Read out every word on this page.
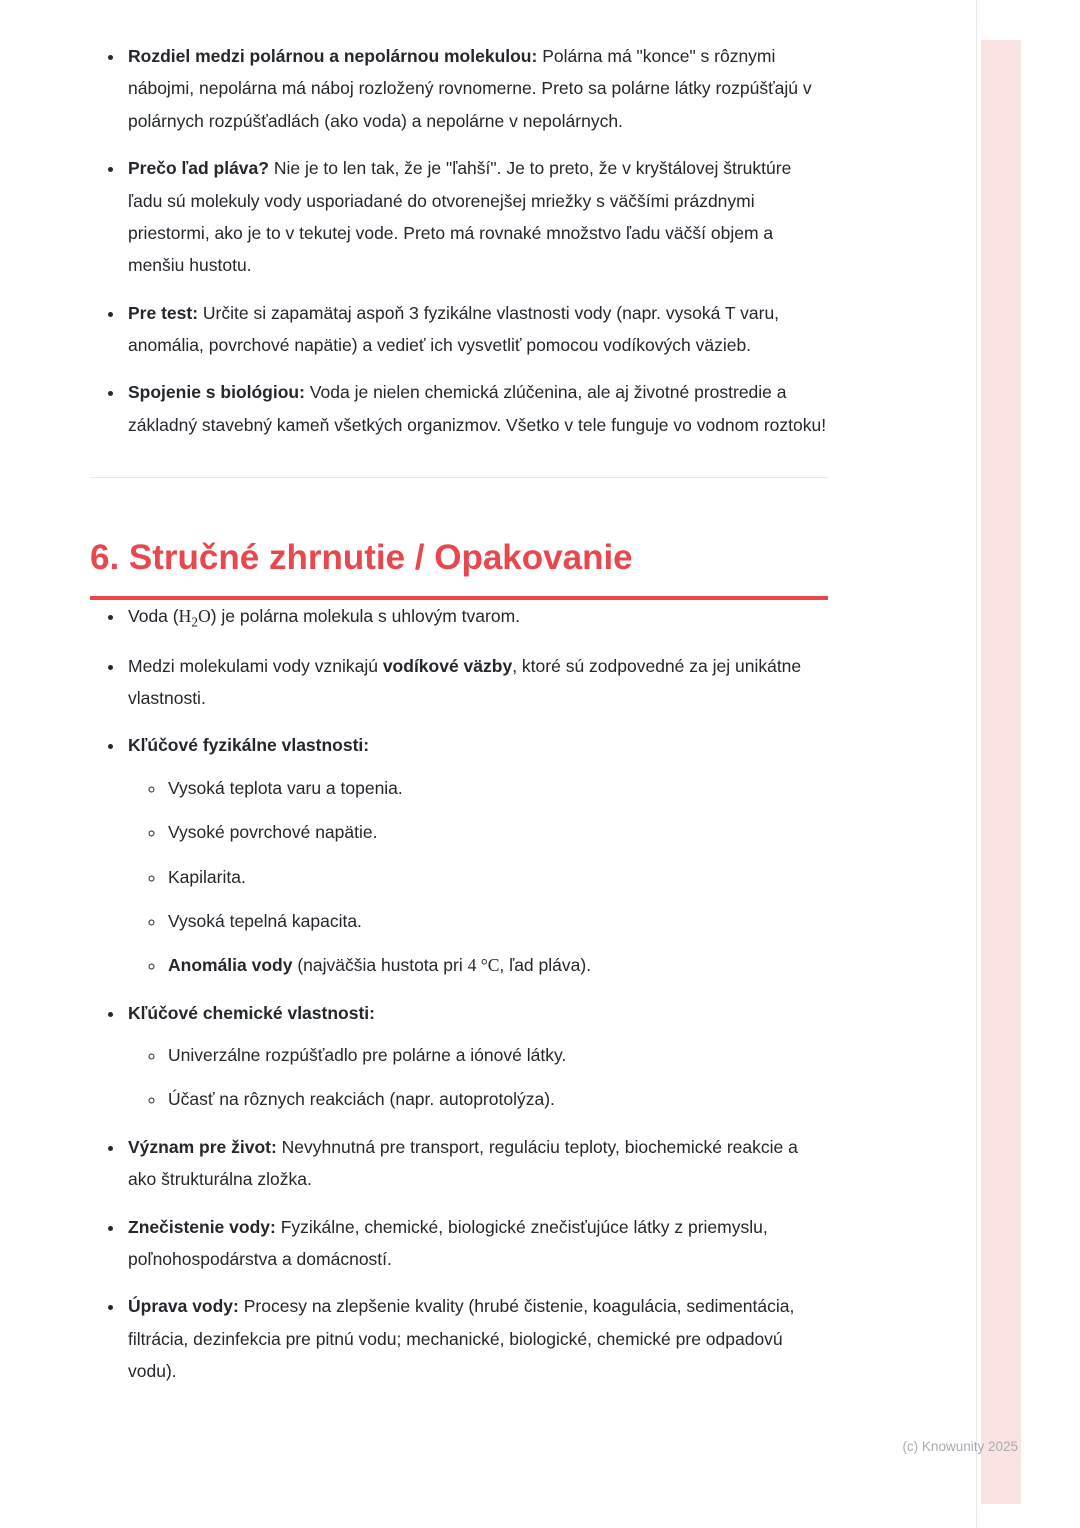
• Rozdiel medzi polárnou a nepolárnou molekulou: Polárna má "konce" s rôznymi nábojmi, nepolárna má náboj rozložený rovnomerne. Preto sa polárne látky rozpúšťajú v polárnych rozpúšťadlách (ako voda) a nepolárne v nepolárnych.
• Prečo ľad pláva? Nie je to len tak, že je "ľahší". Je to preto, že v kryštálovej štruktúre ľadu sú molekuly vody usporiadané do otvorenejšej mriežky s väčšími prázdnymi priestormi, ako je to v tekutej vode. Preto má rovnaké množstvo ľadu väčší objem a menšiu hustotu.
• Pre test: Určite si zapamätaj aspoň 3 fyzikálne vlastnosti vody (napr. vysoká T varu, anomália, povrchové napätie) a vedieť ich vysvetliť pomocou vodíkových väzieb.
• Spojenie s biológiou: Voda je nielen chemická zlúčenina, ale aj životné prostredie a základný stavebný kameň všetkých organizmov. Všetko v tele funguje vo vodnom roztoku!
6. Stručné zhrnutie / Opakovanie
• Voda $(H_2O)$ je polárna molekula s uhlovým tvarom.
• Medzi molekulami vody vznikajú vodíkové väzby, ktoré sú zodpovedné za jej unikátne vlastnosti.
• Kľúčové fyzikálne vlastnosti:
◦ Vysoká teplota varu a topenia.
◦ Vysoké povrchové napätie.
◦ Kapilarita.
◦ Vysoká tepelná kapacita.
◦ Anomália vody (najväčšia hustota pri 4 °C, ľad pláva).
• Kľúčové chemické vlastnosti:
◦ Univerzálne rozpúšťadlo pre polárne a iónové látky.
◦ Účasť na rôznych reakciách (napr. autoprotolýza).
• Význam pre život: Nevyhnutná pre transport, reguláciu teploty, biochemické reakcie a ako štrukturálna zložka.
• Znečistenie vody: Fyzikálne, chemické, biologické znečisťujúce látky z priemyslu, poľnohospodárstva a domácností.
• Úprava vody: Procesy na zlepšenie kvality (hrubé čistenie, koagulácia, sedimentácia, filtrácia, dezinfekcia pre pitnú vodu; mechanické, biologické, chemické pre odpadovú vodu).
(c) Knowunity 2025
